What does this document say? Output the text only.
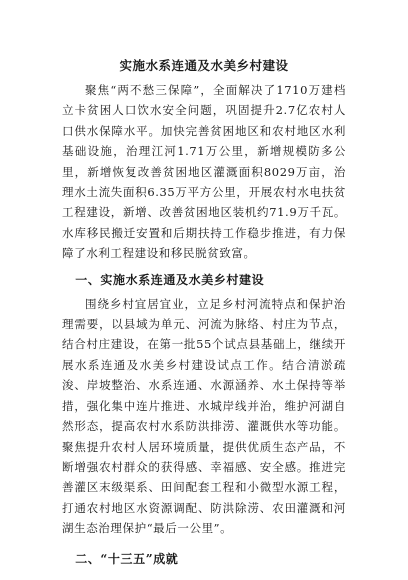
实施水系连通及水美乡村建设

聚焦“两不愁三保障”，全面解决了1710万建档立卡贫困人口饮水安全问题，巩固提升2.7亿农村人口供水保障水平。加快完善贫困地区和农村地区水利基础设施，治理江河1.71万公里，新增规模防多公里，新增恢复改善贫困地区灌溉面积8029万亩，治理水土流失面积6.35万平方公里，开展农村水电扶贫工程建设，新增、改善贫困地区装机约71.9万千瓦。水库移民搬迁安置和后期扶持工作稳步推进，有力保障了水利工程建设和移民脱贫致富。

一、实施水系连通及水美乡村建设

围绕乡村宜居宜业，立足乡村河流特点和保护治理需要，以县域为单元、河流为脉络、村庄为节点，结合村庄建设，在第一批55个试点县基础上，继续开展水系连通及水美乡村建设试点工作。结合清淤疏浚、岸坡整治、水系连通、水源涵养、水土保持等举措，强化集中连片推进、水城岸线并治，维护河湖自然形态，提高农村水系防洪排涝、灌溉供水等功能。聚焦提升农村人居环境质量，提供优质生态产品，不断增强农村群众的获得感、幸福感、安全感。推进完善灌区末级渠系、田间配套工程和小微型水源工程，打通农村地区水资源调配、防洪除涝、农田灌溉和河湖生态治理保护“最后一公里”。

二、“十三五”成就
